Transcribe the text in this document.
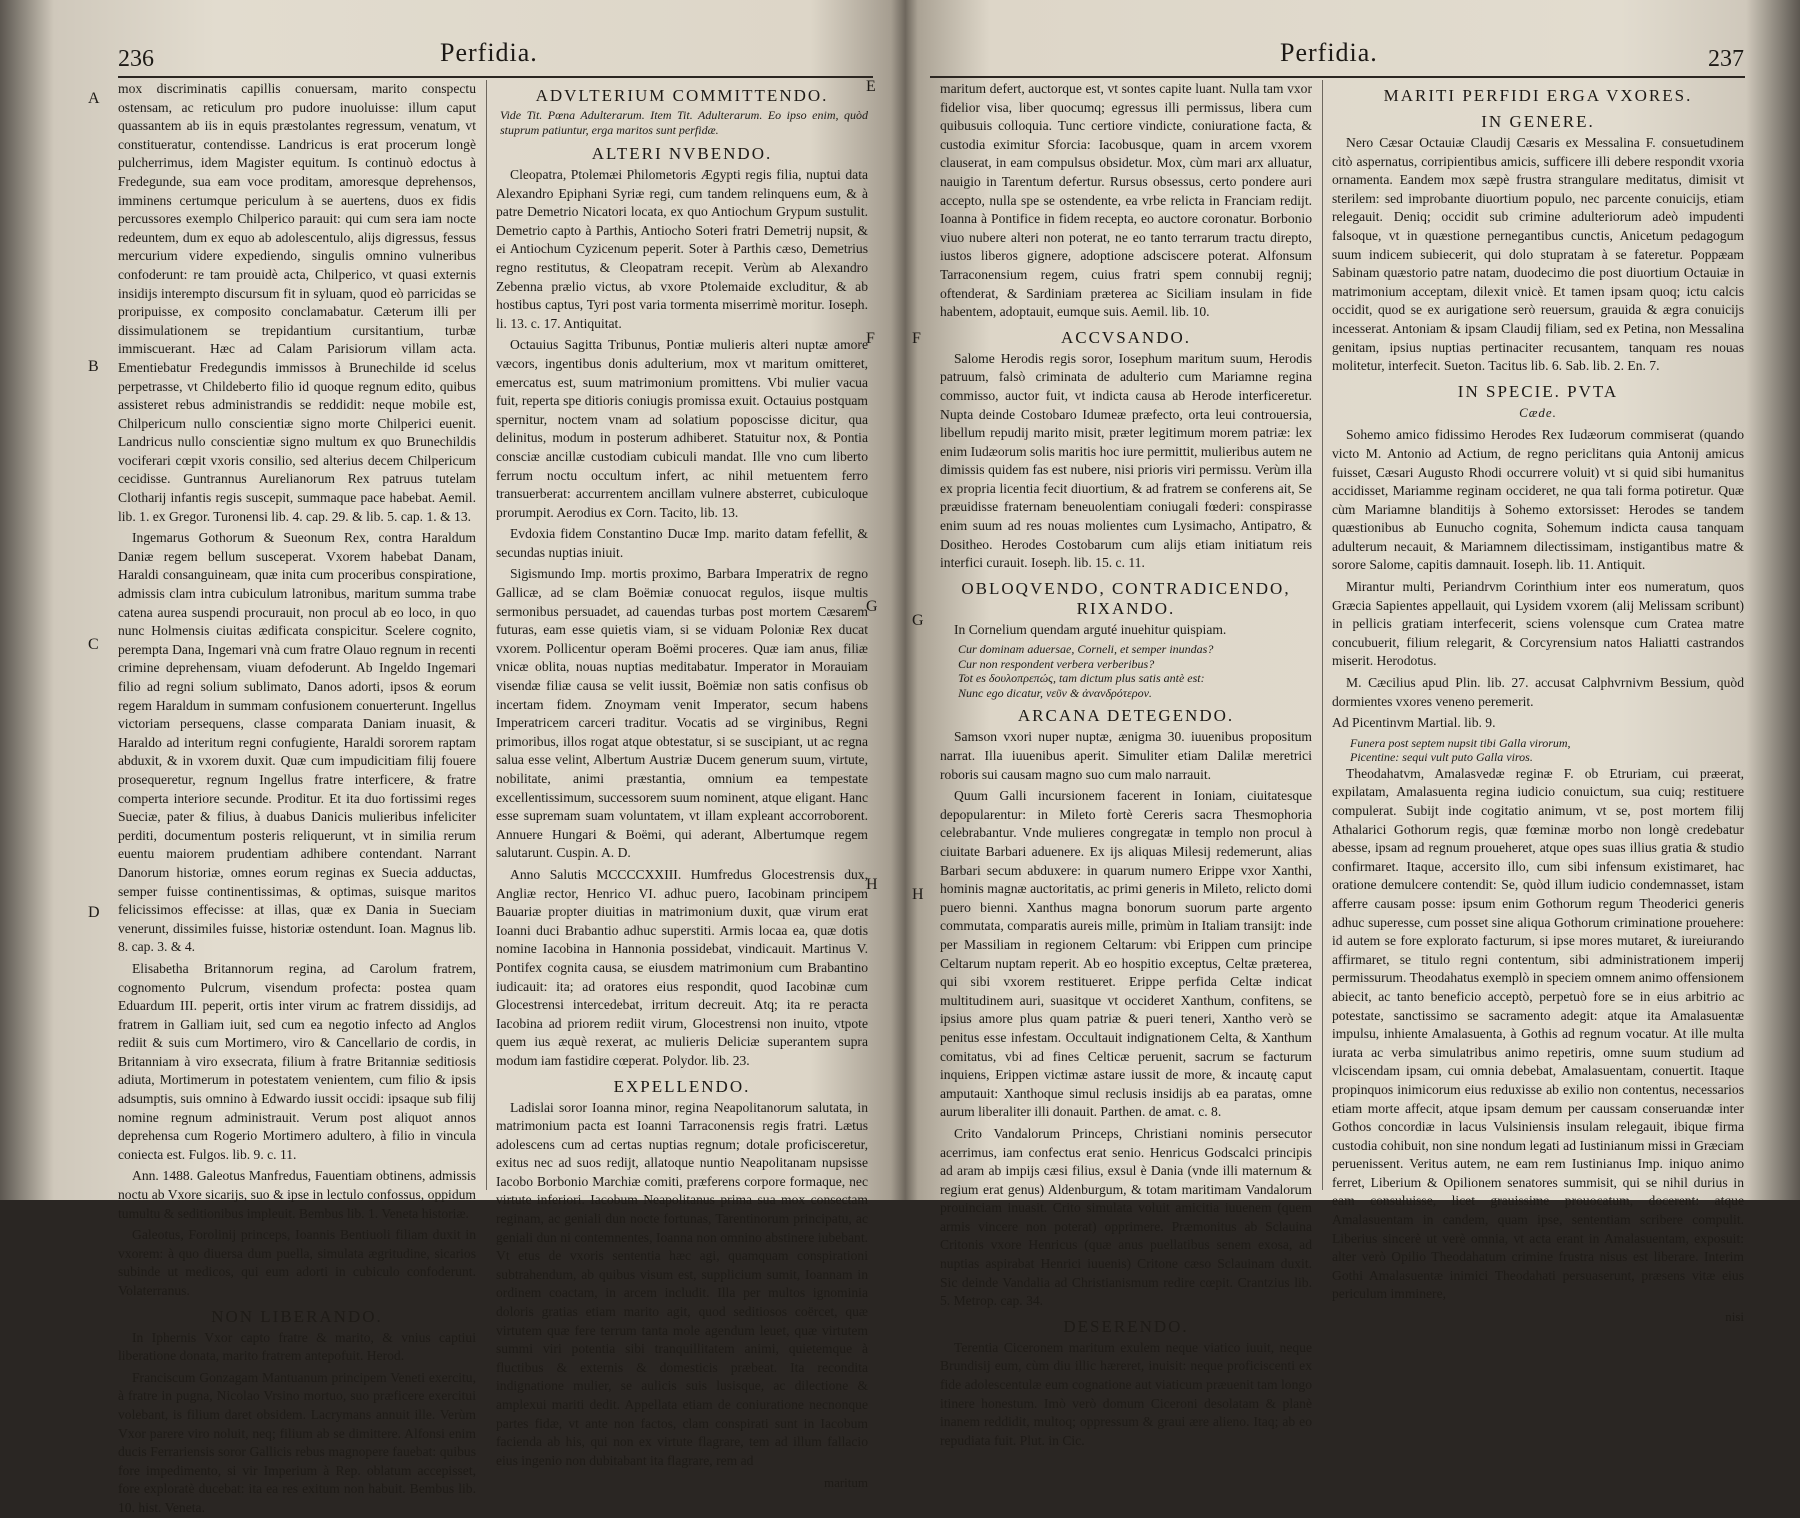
236	Perfidia.
A
B
C
D
E
F
G
H

mox discriminatis capillis conuersam, marito conspectu ostensam, ac reticulum pro pudore inuoluisse: illum caput quassantem ab iis in equis præstolantes regressum, venatum, vt constitueratur, contendisse. Landricus is erat procerum longè pulcherrimus, idem Magister equitum. Is continuò edoctus à Fredegunde, sua eam voce proditam, amoresque deprehensos, imminens certumque periculum à se auertens, duos ex fidis percussores exemplo Chilperico parauit: qui cum sera iam nocte redeuntem, dum ex equo ab adolescentulo, alijs digressus, fessus mercurium videre expediendo, singulis omnino vulneribus confoderunt: re tam prouidè acta, Chilperico, vt quasi externis insidijs interempto discursum fit in syluam, quod eò parricidas se proripuisse, ex composito conclamabatur. Cæterum illi per dissimulationem se trepidantium cursitantium, turbæ immiscuerant. Hæc ad Calam Parisiorum villam acta. Ementiebatur Fredegundis immissos à Brunechilde id scelus perpetrasse, vt Childeberto filio id quoque regnum edito, quibus assisteret rebus administrandis se reddidit: neque mobile est, Chilpericum nullo conscientiæ signo morte Chilperici euenit. Landricus nullo conscientiæ signo multum ex quo Brunechildis vociferari cœpit vxoris consilio, sed alterius decem Chilpericum cecidisse. Guntrannus Aurelianorum Rex patruus tutelam Clotharij infantis regis suscepit, summaque pace habebat. Aemil. lib. 1. ex Gregor. Turonensi lib. 4. cap. 29. & lib. 5. cap. 1. & 13.

Ingemarus Gothorum & Sueonum Rex, contra Haraldum Daniæ regem bellum susceperat. Vxorem habebat Danam, Haraldi consanguineam, quæ inita cum proceribus conspiratione, admissis clam intra cubiculum latronibus, maritum summa trabe catena aurea suspendi procurauit, non procul ab eo loco, in quo nunc Holmensis ciuitas ædificata conspicitur. Scelere cognito, perempta Dana, Ingemari vnà cum fratre Olauo regnum in recenti crimine deprehensam, viuam defoderunt. Ab Ingeldo Ingemari filio ad regni solium sublimato, Danos adorti, ipsos & eorum regem Haraldum in summam confusionem conuerterunt. Ingellus victoriam persequens, classe comparata Daniam inuasit, & Haraldo ad interitum regni confugiente, Haraldi sororem raptam abduxit, & in vxorem duxit. Quæ cum impudicitiam filij fouere prosequeretur, regnum Ingellus fratre interficere, & fratre comperta interiore secunde. Proditur. Et ita duo fortissimi reges Sueciæ, pater & filius, à duabus Danicis mulieribus infeliciter perditi, documentum posteris reliquerunt, vt in similia rerum euentu maiorem prudentiam adhibere contendant. Narrant Danorum historiæ, omnes eorum reginas ex Suecia adductas, semper fuisse continentissimas, & optimas, suisque maritos felicissimos effecisse: at illas, quæ ex Dania in Sueciam venerunt, dissimiles fuisse, historiæ ostendunt. Ioan. Magnus lib. 8. cap. 3. & 4.

Elisabetha Britannorum regina, ad Carolum fratrem, cognomento Pulcrum, visendum profecta: postea quam Eduardum III. peperit, ortis inter virum ac fratrem dissidijs, ad fratrem in Galliam iuit, sed cum ea negotio infecto ad Anglos rediit & suis cum Mortimero, viro & Cancellario de cordis, in Britanniam à viro exsecrata, filium à fratre Britanniæ seditiosis adiuta, Mortimerum in potestatem venientem, cum filio & ipsis adsumptis, suis omnino à Edwardo iussit occidi: ipsaque sub filij nomine regnum administrauit. Verum post aliquot annos deprehensa cum Rogerio Mortimero adultero, à filio in vincula coniecta est. Fulgos. lib. 9. c. 11.

Ann. 1488. Galeotus Manfredus, Fauentiam obtinens, admissis noctu ab Vxore sicarijs, suo & ipse in lectulo confossus, oppidum tumultu & seditionibus impleuit. Bembus lib. 1. Veneta historiæ.

Galeotus, Forolinij princeps, Ioannis Bentiuoli filiam duxit in vxorem: à quo diuersa dum puella, simulata ægritudine, sicarios subinde ut medicos, qui eum adorti in cubiculo confoderunt. Volaterranus.

NON LIBERANDO.

In Iphernis Vxor capto fratre & marito, & vnius captiui liberatione donata, marito fratrem antepofuit. Herod.

Franciscum Gonzagam Mantuanum principem Veneti exercitu, à fratre in pugna, Nicolao Vrsino mortuo, suo præficere exercitui volebant, is filium daret obsidem. Lacrymans annuit ille. Verùm Vxor parere viro noluit, neq; filium ab se dimittere. Alfonsi enim ducis Ferrariensis soror Gallicis rebus magnopere fauebat: quibus fore impedimento, si vir Imperium à Rep. oblatum accepisset, fore exploratè ducebat: ita ea res exitum non habuit. Bembus lib. 10. hist. Veneta.

ADVLTERIUM COMMITTENDO.
Vide Tit. Pœna Adulterarum. Item Tit. Adulterarum. Eo ipso enim, quòd stuprum patiuntur, erga maritos sunt perfidæ.
ALTERI NVBENDO.

Cleopatra, Ptolemæi Philometoris Ægypti regis filia, nuptui data Alexandro Epiphani Syriæ regi, cum tandem relinquens eum, & à patre Demetrio Nicatori locata, ex quo Antiochum Grypum sustulit. Demetrio capto à Parthis, Antiocho Soteri fratri Demetrij nupsit, & ei Antiochum Cyzicenum peperit. Soter à Parthis cæso, Demetrius regno restitutus, & Cleopatram recepit. Verùm ab Alexandro Zebenna prælio victus, ab vxore Ptolemaide excluditur, & ab hostibus captus, Tyri post varia tormenta miserrimè moritur. Ioseph. li. 13. c. 17. Antiquitat.

Octauius Sagitta Tribunus, Pontiæ mulieris alteri nuptæ amore væcors, ingentibus donis adulterium, mox vt maritum omitteret, emercatus est, suum matrimonium promittens. Vbi mulier vacua fuit, reperta spe ditioris coniugis promissa exuit. Octauius postquam spernitur, noctem vnam ad solatium poposcisse dicitur, qua delinitus, modum in posterum adhiberet. Statuitur nox, & Pontia consciæ ancillæ custodiam cubiculi mandat. Ille vno cum liberto ferrum noctu occultum infert, ac nihil metuentem ferro transuerberat: accurrentem ancillam vulnere absterret, cubiculoque prorumpit. Aerodius ex Corn. Tacito, lib. 13.

Evdoxia fidem Constantino Ducæ Imp. marito datam fefellit, & secundas nuptias iniuit.

Sigismundo Imp. mortis proximo, Barbara Imperatrix de regno Gallicæ, ad se clam Boëmiæ conuocat regulos, iisque multis sermonibus persuadet, ad cauendas turbas post mortem Cæsarem futuras, eam esse quietis viam, si se viduam Poloniæ Rex ducat vxorem. Pollicentur operam Boëmi proceres. Quæ iam anus, filiæ vnicæ oblita, nouas nuptias meditabatur. Imperator in Morauiam visendæ filiæ causa se velit iussit, Boëmiæ non satis confisus ob incertam fidem. Znoymam venit Imperator, secum habens Imperatricem carceri traditur. Vocatis ad se virginibus, Regni primoribus, illos rogat atque obtestatur, si se suscipiant, ut ac regna salua esse velint, Albertum Austriæ Ducem generum suum, virtute, nobilitate, animi præstantia, omnium ea tempestate excellentissimum, successorem suum nominent, atque eligant. Hanc esse supremam suam voluntatem, vt illam expleant accorroborent. Annuere Hungari & Boëmi, qui aderant, Albertumque regem salutarunt. Cuspin. A. D.

Anno Salutis MCCCCXXIII. Humfredus Glocestrensis dux, Angliæ rector, Henrico VI. adhuc puero, Iacobinam principem Bauariæ propter diuitias in matrimonium duxit, quæ virum erat Ioanni duci Brabantio adhuc superstiti. Armis locaa ea, quæ dotis nomine Iacobina in Hannonia possidebat, vindicauit. Martinus V. Pontifex cognita causa, se eiusdem matrimonium cum Brabantino iudicauit: ita; ad oratores eius respondit, quod Iacobinæ cum Glocestrensi intercedebat, irritum decreuit. Atq; ita re peracta Iacobina ad priorem rediit virum, Glocestrensi non inuito, vtpote quem ius æquè rexerat, ac mulieris Deliciæ superantem supra modum iam fastidire cœperat. Polydor. lib. 23.

EXPELLENDO.

Ladislai soror Ioanna minor, regina Neapolitanorum salutata, in matrimonium pacta est Ioanni Tarraconensis regis fratri. Lætus adolescens cum ad certas nuptias regnum; dotale proficisceretur, exitus nec ad suos redijt, allatoque nuntio Neapolitanam nupsisse Iacobo Borbonio Marchiæ comiti, præferens corpore formaque, nec virtute inferiori. Iacobum Neapolitanus prima sua mox consectam reginam, ac geniali dun nocte fortunas, Tarentinorum principatu, ac geniali dun ni contemnentes, Ioanna non omnino abstinere iubebant. Vt etus de vxoris sententia hæc agi, quamquam conspirationi subtrahendum, ab quibus visum est, supplicium sumit, Ioannam in ordinem coactam, in arcem includit. Illa per multos ignominia doloris gratias etiam marito agit, quod seditiosos coërcet, quæ virtutem quæ fere terrum tanta mole agendum leuet, quæ virtutem summi viri potentia sibi tranquillitatem animi, quietemque à fluctibus & externis & domesticis præbeat. Ita recondita indignatione mulier, se aulicis suis lusisque, ac dilectione & amplexui mariti dedit. Appellata etiam de coniuratione necnonque partes fidæ, vt ante non factos, clam conspirati sunt in Iacobum facienda ab his, qui non ex virtute flagrare, tem ad illum fallacio eius ingenio non dubitabant ita flagrare, rem ad

maritum
Perfidia.	237
F
G
H

maritum defert, auctorque est, vt sontes capite luant. Nulla tam vxor fidelior visa, liber quocumq; egressus illi permissus, libera cum quibusuis colloquia. Tunc certiore vindicte, coniuratione facta, & custodia eximitur Sforcia: Iacobusque, quam in arcem vxorem clauserat, in eam compulsus obsidetur. Mox, cùm mari arx alluatur, nauigio in Tarentum defertur. Rursus obsessus, certo pondere auri accepto, nulla spe se ostendente, ea vrbe relicta in Franciam redijt. Ioanna à Pontifice in fidem recepta, eo auctore coronatur. Borbonio viuo nubere alteri non poterat, ne eo tanto terrarum tractu direpto, iustos liberos gignere, adoptione adsciscere poterat. Alfonsum Tarraconensium regem, cuius fratri spem connubij regnij; oftenderat, & Sardiniam præterea ac Siciliam insulam in fide habentem, adoptauit, eumque suis. Aemil. lib. 10.

ACCVSANDO.

Salome Herodis regis soror, Iosephum maritum suum, Herodis patruum, falsò criminata de adulterio cum Mariamne regina commisso, auctor fuit, vt indicta causa ab Herode interficeretur. Nupta deinde Costobaro Idumeæ præfecto, orta leui controuersia, libellum repudij marito misit, præter legitimum morem patriæ: lex enim Iudæorum solis maritis hoc iure permittit, mulieribus autem ne dimissis quidem fas est nubere, nisi prioris viri permissu. Verùm illa ex propria licentia fecit diuortium, & ad fratrem se conferens ait, Se præuidisse fraternam beneuolentiam coniugali fœderi: conspirasse enim suum ad res nouas molientes cum Lysimacho, Antipatro, & Dositheo. Herodes Costobarum cum alijs etiam initiatum reis interfici curauit. Ioseph. lib. 15. c. 11.

OBLOQVENDO, CONTRADICENDO, RIXANDO.

In Cornelium quendam arguté inuehitur quispiam.

Cur dominam aduersae, Corneli, et semper inundas?
Cur non respondent verbera verberibus?
Tot es δουλοπρεπώς, tam dictum plus satis antè est:
Nunc ego dicatur, νεῦν & ἀνανδρότερον.
ARCANA DETEGENDO.

Samson vxori nuper nuptæ, ænigma 30. iuuenibus propositum narrat. Illa iuuenibus aperit. Simuliter etiam Dalilæ meretrici roboris sui causam magno suo cum malo narrauit.

Quum Galli incursionem facerent in Ioniam, ciuitatesque depopularentur: in Mileto fortè Cereris sacra Thesmophoria celebrabantur. Vnde mulieres congregatæ in templo non procul à ciuitate Barbari aduenere. Ex ijs aliquas Milesij redemerunt, alias Barbari secum abduxere: in quarum numero Erippe vxor Xanthi, hominis magnæ auctoritatis, ac primi generis in Mileto, relicto domi puero bienni. Xanthus magna bonorum suorum parte argento commutata, comparatis aureis mille, primùm in Italiam transijt: inde per Massiliam in regionem Celtarum: vbi Erippen cum principe Celtarum nuptam reperit. Ab eo hospitio exceptus, Celtæ præterea, qui sibi vxorem restitueret. Erippe perfida Celtæ indicat multitudinem auri, suasitque vt occideret Xanthum, confitens, se ipsius amore plus quam patriæ & pueri teneri, Xantho verò se penitus esse infestam. Occultauit indignationem Celta, & Xanthum comitatus, vbi ad fines Celticæ peruenit, sacrum se facturum inquiens, Erippen victimæ astare iussit de more, & incautę caput amputauit: Xanthoque simul reclusis insidijs ab ea paratas, omne aurum liberaliter illi donauit. Parthen. de amat. c. 8.

Crito Vandalorum Princeps, Christiani nominis persecutor acerrimus, iam confectus erat senio. Henricus Godscalci principis ad aram ab impijs cæsi filius, exsul è Dania (vnde illi maternum & regium erat genus) Aldenburgum, & totam maritimam Vandalorum prouinciam inuasit. Crito simulata voluit amicitia iuuenem (quem armis vincere non poterat) opprimere. Præmonitus ab Sclauina Critonis vxore Henricus (quæ anus puellatibus senem exosa, ad nuptias aspirabat Henrici iuuenis) Critone cæso Sclauinam duxit. Sic deinde Vandalia ad Christianismum redire cœpit. Crantzius lib. 5. Metrop. cap. 34.

DESERENDO.

Terentia Ciceronem maritum exulem neque viatico iuuit, neque Brundisij eum, cùm diu illic hæreret, inuisit: neque proficiscenti ex fide adolescentulæ eum cognatione aut viaticum præuenit tam longo itinere honestum. Imò verò domum Ciceroni desolatam & planè inanem reddidit, multoq; oppressum & graui ære alieno. Itaq; ab eo repudiata fuit. Plut. in Cic.

MARITI PERFIDI ERGA VXORES.
IN GENERE.

Nero Cæsar Octauiæ Claudij Cæsaris ex Messalina F. consuetudinem citò aspernatus, corripientibus amicis, sufficere illi debere respondit vxoria ornamenta. Eandem mox sæpè frustra strangulare meditatus, dimisit vt sterilem: sed improbante diuortium populo, nec parcente conuicijs, etiam relegauit. Deniq; occidit sub crimine adulteriorum adeò impudenti falsoque, vt in quæstione pernegantibus cunctis, Anicetum pedagogum suum indicem subiecerit, qui dolo stupratam à se fateretur. Poppæam Sabinam quæstorio patre natam, duodecimo die post diuortium Octauiæ in matrimonium acceptam, dilexit vnicè. Et tamen ipsam quoq; ictu calcis occidit, quod se ex aurigatione serò reuersum, grauida & ægra conuicijs incesserat. Antoniam & ipsam Claudij filiam, sed ex Petina, non Messalina genitam, ipsius nuptias pertinaciter recusantem, tanquam res nouas molitetur, interfecit. Sueton. Tacitus lib. 6. Sab. lib. 2. En. 7.

IN SPECIE. PVTA
Cæde.

Sohemo amico fidissimo Herodes Rex Iudæorum commiserat (quando victo M. Antonio ad Actium, de regno periclitans quia Antonij amicus fuisset, Cæsari Augusto Rhodi occurrere voluit) vt si quid sibi humanitus accidisset, Mariamme reginam occideret, ne qua tali forma potiretur. Quæ cùm Mariamne blanditijs à Sohemo extorsisset: Herodes se tandem quæstionibus ab Eunucho cognita, Sohemum indicta causa tanquam adulterum necauit, & Mariamnem dilectissimam, instigantibus matre & sorore Salome, capitis damnauit. Ioseph. lib. 11. Antiquit.

Mirantur multi, Periandrvm Corinthium inter eos numeratum, quos Græcia Sapientes appellauit, qui Lysidem vxorem (alij Melissam scribunt) in pellicis gratiam interfecerit, sciens volensque cum Cratea matre concubuerit, filium relegarit, & Corcyrensium natos Haliatti castrandos miserit. Herodotus.

M. Cæcilius apud Plin. lib. 27. accusat Calphvrnivm Bessium, quòd dormientes vxores veneno peremerit.

Ad Picentinvm Martial. lib. 9.

Funera post septem nupsit tibi Galla virorum,
Picentine: sequi vult puto Galla viros.

Theodahatvm, Amalasvedæ reginæ F. ob Etruriam, cui præerat, expilatam, Amalasuenta regina iudicio conuictum, sua cuiq; restituere compulerat. Subijt inde cogitatio animum, vt se, post mortem filij Athalarici Gothorum regis, quæ fœminæ morbo non longè credebatur abesse, ipsam ad regnum proueheret, atque opes suas illius gratia & studio confirmaret. Itaque, accersito illo, cum sibi infensum existimaret, hac oratione demulcere contendit: Se, quòd illum iudicio condemnasset, istam afferre causam posse: ipsum enim Gothorum regum Theoderici generis adhuc superesse, cum posset sine aliqua Gothorum criminatione prouehere: id autem se fore explorato facturum, si ipse mores mutaret, & iureiurando affirmaret, se titulo regni contentum, sibi administrationem imperij permissurum. Theodahatus exemplò in speciem omnem animo offensionem abiecit, ac tanto beneficio acceptò, perpetuò fore se in eius arbitrio ac potestate, sanctissimo se sacramento adegit: atque ita Amalasuentæ impulsu, inhiente Amalasuenta, à Gothis ad regnum vocatur. At ille multa iurata ac verba simulatribus animo repetiris, omne suum studium ad vlciscendam ipsam, cui omnia debebat, Amalasuentam, conuertit. Itaque propinquos inimicorum eius reduxisse ab exilio non contentus, necessarios etiam morte affecit, atque ipsam demum per caussam conseruandæ inter Gothos concordiæ in lacus Vulsiniensis insulam relegauit, ibique firma custodia cohibuit, non sine nondum legati ad Iustinianum missi in Græciam peruenissent. Veritus autem, ne eam rem Iustinianus Imp. iniquo animo ferret, Liberium & Opilionem senatores summisit, qui se nihil durius in eam consuluisse, licet grauissime prouocatum, docerent: atque Amalasuentam in candem, quam ipse, sententiam scribere compulit. Liberius sincerè ut verè omnia, vt acta erant in Amalasuentam, exposuit: alter verò Opilio Theodahatum crimine frustra nisus est liberare. Interim Gothi Amalasuentæ inimici Theodahati persuaserunt, præsens vitæ eius periculum imminere,

nisi
